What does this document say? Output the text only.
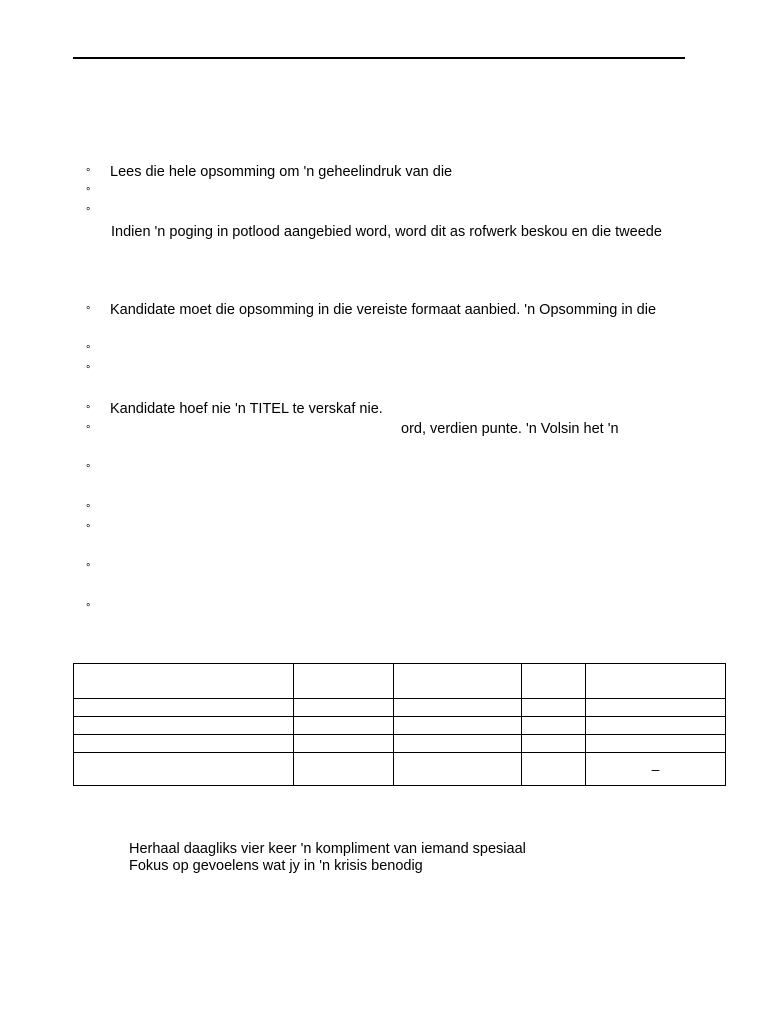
°
°
°
°
°
°
°
°
°
°
°
°
°
Lees die hele opsomming om 'n geheelindruk van die
Indien 'n poging in potlood aangebied word, word dit as rofwerk beskou en die tweede
Kandidate moet die opsomming in die vereiste formaat aanbied. 'n Opsomming in die
Kandidate hoef nie 'n TITEL te verskaf nie.
ord, verdien punte. 'n Volsin het 'n

				–
Herhaal daagliks vier keer 'n kompliment van iemand spesiaal
Fokus op gevoelens wat jy in 'n krisis benodig
